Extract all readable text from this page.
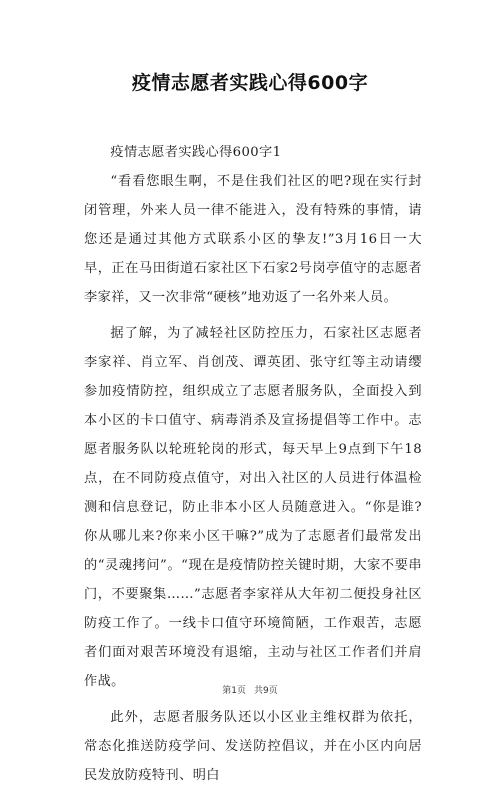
疫情志愿者实践心得600字

疫情志愿者实践心得600字1

“看看您眼生啊，不是住我们社区的吧?现在实行封闭管理，外来人员一律不能进入，没有特殊的事情，请您还是通过其他方式联系小区的挚友!”3月16日一大早，正在马田街道石家社区下石家2号岗亭值守的志愿者李家祥，又一次非常“硬核”地劝返了一名外来人员。

据了解，为了减轻社区防控压力，石家社区志愿者李家祥、肖立军、肖创茂、谭英团、张守红等主动请缨参加疫情防控，组织成立了志愿者服务队，全面投入到本小区的卡口值守、病毒消杀及宣扬提倡等工作中。志愿者服务队以轮班轮岗的形式，每天早上9点到下午18点，在不同防疫点值守，对出入社区的人员进行体温检测和信息登记，防止非本小区人员随意进入。“你是谁?你从哪儿来?你来小区干嘛?”成为了志愿者们最常发出的“灵魂拷问”。“现在是疫情防控关键时期，大家不要串门，不要聚集……”志愿者李家祥从大年初二便投身社区防疫工作了。一线卡口值守环境简陋，工作艰苦，志愿者们面对艰苦环境没有退缩，主动与社区工作者们并肩作战。

此外，志愿者服务队还以小区业主维权群为依托，常态化推送防疫学问、发送防控倡议，并在小区内向居民发放防疫特刊、明白

第1页 共9页
